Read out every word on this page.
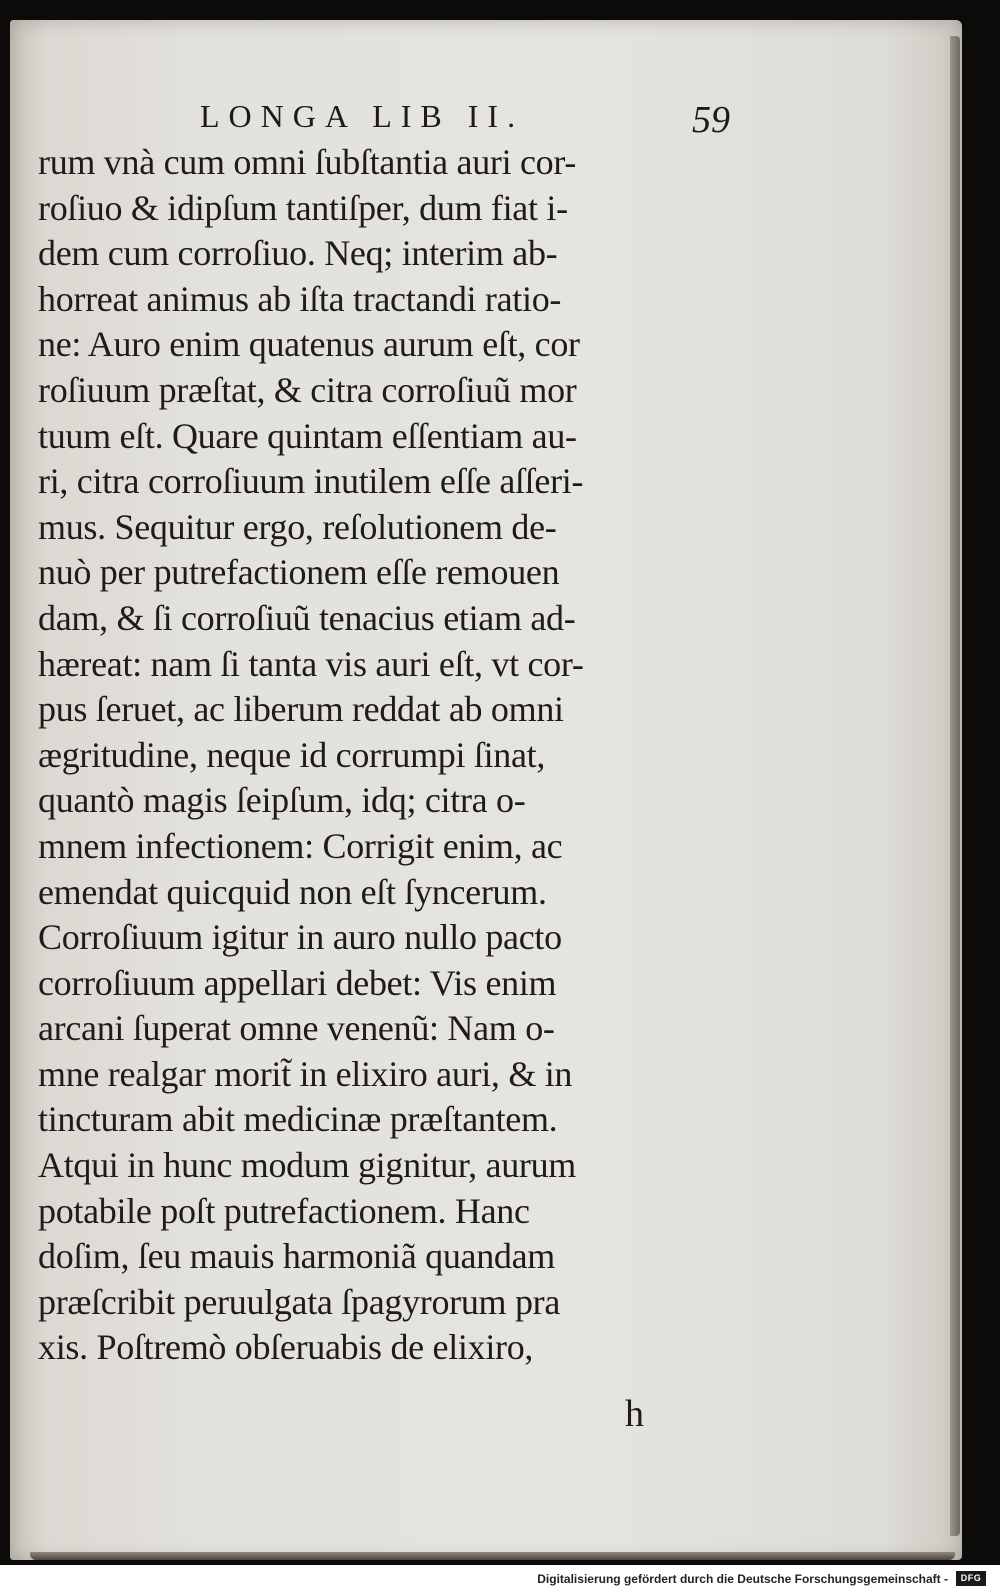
LONGA LIB II.	59
rum vnà cum omni ſubſtantia auri cor-
roſiuo & idipſum tantiſper, dum fiat i-
dem cum corroſiuo. Neq; interim ab-
horreat animus ab iſta tractandi ratio-
ne: Auro enim quatenus aurum eſt, cor
roſiuum præſtat, & citra corroſiuũ mor
tuum eſt. Quare quintam eſſentiam au-
ri, citra corroſiuum inutilem eſſe aſſeri-
mus. Sequitur ergo, reſolutionem de-
nuò per putrefactionem eſſe remouen
dam, & ſi corroſiuũ tenacius etiam ad-
hæreat: nam ſi tanta vis auri eſt, vt cor-
pus ſeruet, ac liberum reddat ab omni
ægritudine, neque id corrumpi ſinat,
quantò magis ſeipſum, idq; citra o-
mnem infectionem: Corrigit enim, ac
emendat quicquid non eſt ſyncerum.
Corroſiuum igitur in auro nullo pacto
corroſiuum appellari debet: Vis enim
arcani ſuperat omne venenũ: Nam o-
mne realgar morit̃ in elixiro auri, & in
tincturam abit medicinæ præſtantem.
Atqui in hunc modum gignitur, aurum
potabile poſt putrefactionem. Hanc
doſim, ſeu mauis harmoniã quandam
præſcribit peruulgata ſpagyrorum pra
xis. Poſtremò obſeruabis de elixiro,
h
Digitalisierung gefördert durch die Deutsche Forschungsgemeinschaft -	DFG
